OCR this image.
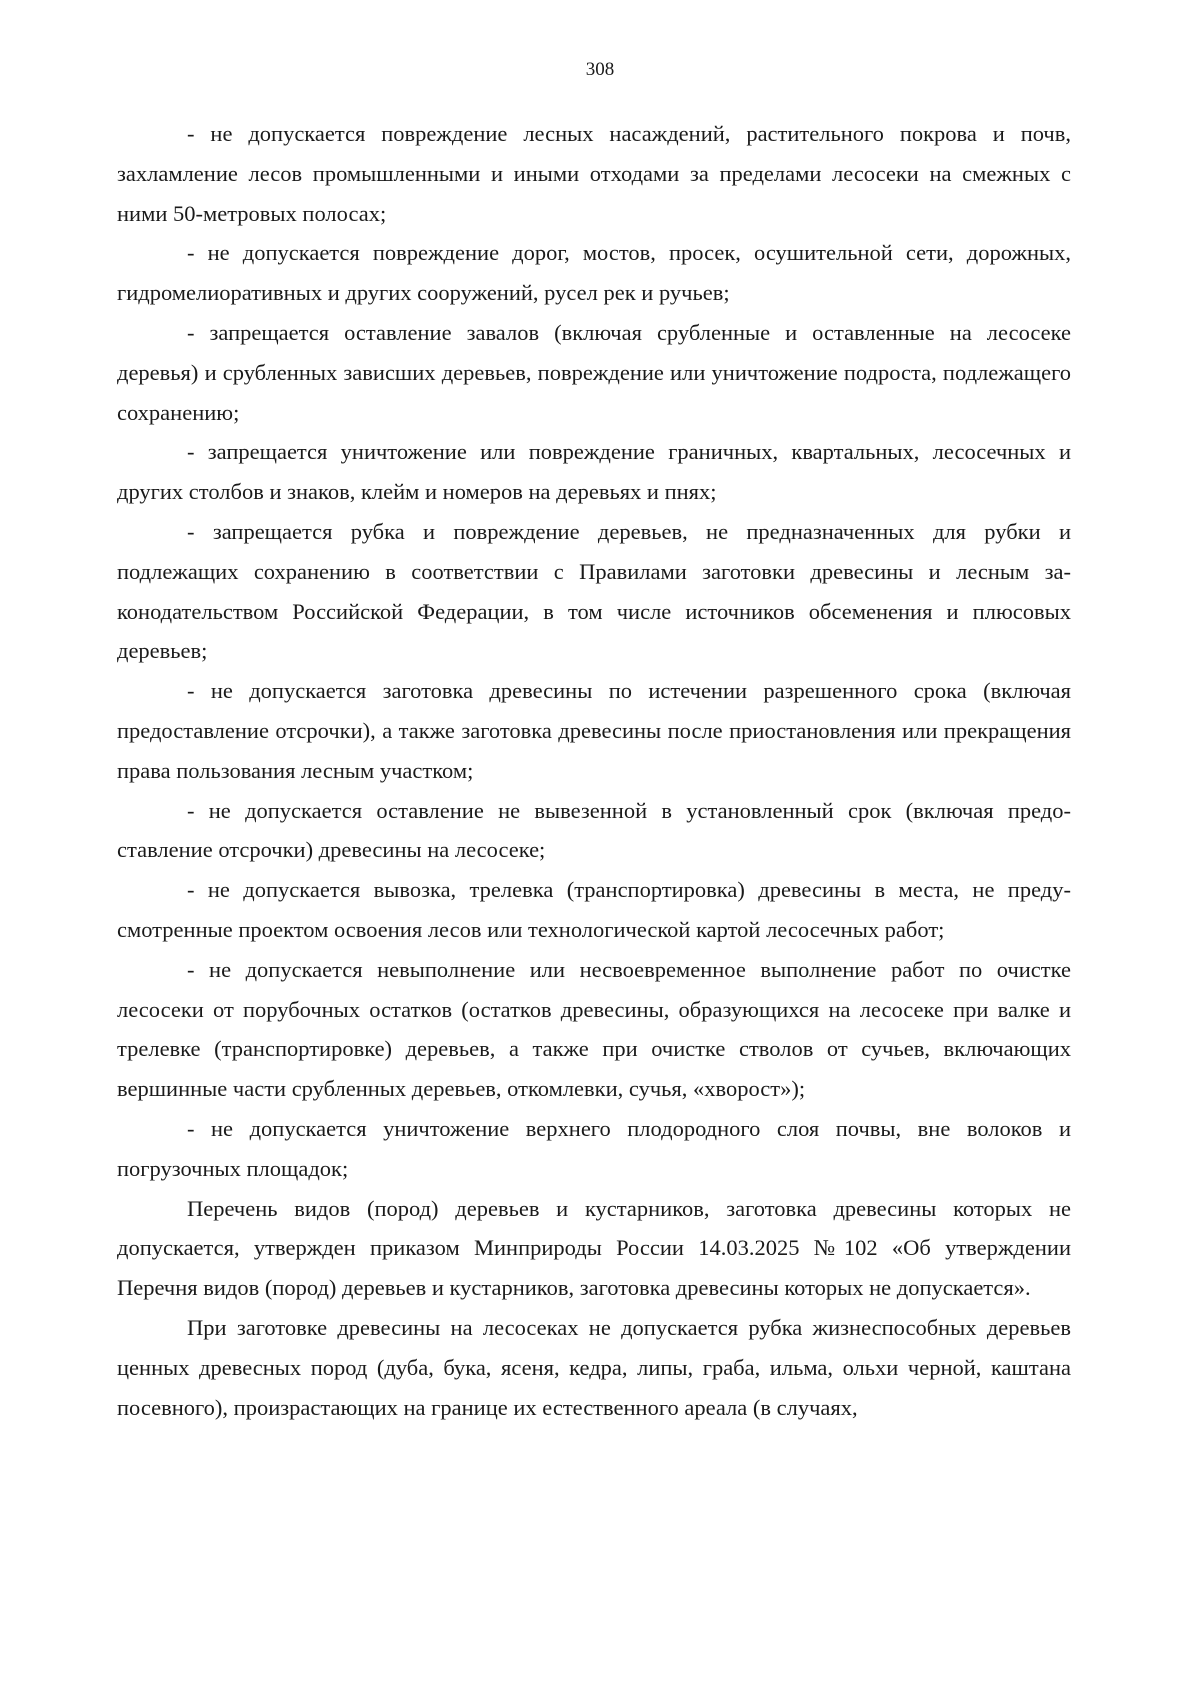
308

- не допускается повреждение лесных насаждений, растительного покрова и почв, захламление лесов промышленными и иными отходами за пределами лесосеки на смежных с ними 50-метровых полосах;

- не допускается повреждение дорог, мостов, просек, осушительной сети, дорожных, гидромелиоративных и других сооружений, русел рек и ручьев;

- запрещается оставление завалов (включая срубленные и оставленные на лесосеке деревья) и срубленных зависших деревьев, повреждение или уничтожение подроста, подлежащего сохранению;

- запрещается уничтожение или повреждение граничных, квартальных, лесосечных и других столбов и знаков, клейм и номеров на деревьях и пнях;

- запрещается рубка и повреждение деревьев, не предназначенных для рубки и подлежащих сохранению в соответствии с Правилами заготовки древесины и лесным законодательством Российской Федерации, в том числе источников обсеменения и плюсовых деревьев;

- не допускается заготовка древесины по истечении разрешенного срока (включая предоставление отсрочки), а также заготовка древесины после приостановления или прекращения права пользования лесным участком;

- не допускается оставление не вывезенной в установленный срок (включая предоставление отсрочки) древесины на лесосеке;

- не допускается вывозка, трелевка (транспортировка) древесины в места, не предусмотренные проектом освоения лесов или технологической картой лесосечных работ;

- не допускается невыполнение или несвоевременное выполнение работ по очистке лесосеки от порубочных остатков (остатков древесины, образующихся на лесосеке при валке и трелевке (транспортировке) деревьев, а также при очистке стволов от сучьев, включающих вершинные части срубленных деревьев, откомлевки, сучья, «хворост»);

- не допускается уничтожение верхнего плодородного слоя почвы, вне волоков и погрузочных площадок;

Перечень видов (пород) деревьев и кустарников, заготовка древесины которых не допускается, утвержден приказом Минприроды России 14.03.2025 №102 «Об утверждении Перечня видов (пород) деревьев и кустарников, заготовка древесины которых не допускается».

При заготовке древесины на лесосеках не допускается рубка жизнеспособных деревьев ценных древесных пород (дуба, бука, ясеня, кедра, липы, граба, ильма, ольхи черной, каштана посевного), произрастающих на границе их естественного ареала (в случаях,
